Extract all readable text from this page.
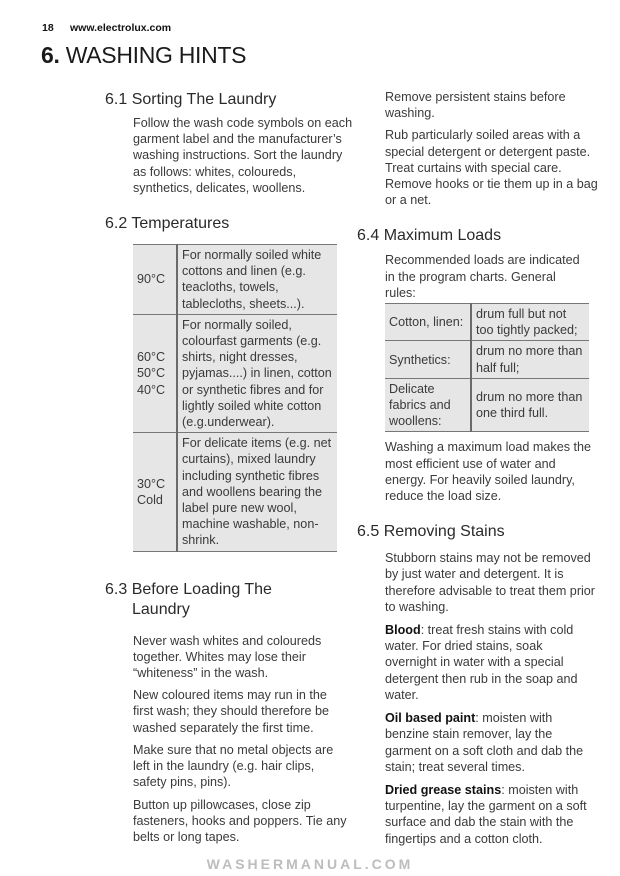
18 www.electrolux.com
6. WASHING HINTS
6.1 Sorting The Laundry

Follow the wash code symbols on each garment label and the manufacturer’s washing instructions. Sort the laundry as follows: whites, coloureds, synthetics, delicates, woollens.

6.2 Temperatures
90°C	For normally soiled white cottons and linen (e.g. teacloths, towels, tablecloths, sheets...).

60°C 50°C 40°C	For normally soiled, colourfast garments (e.g. shirts, night dresses, pyjamas....) in linen, cotton or synthetic fibres and for lightly soiled white cotton (e.g.underwear).

30°C Cold	For delicate items (e.g. net curtains), mixed laundry including synthetic fibres and woollens bearing the label pure new wool, machine washable, non-shrink.
6.3 Before Loading The
Laundry

Never wash whites and coloureds together. Whites may lose their “whiteness” in the wash.

New coloured items may run in the first wash; they should therefore be washed separately the first time.

Make sure that no metal objects are left in the laundry (e.g. hair clips, safety pins, pins).

Button up pillowcases, close zip fasteners, hooks and poppers. Tie any belts or long tapes.

Remove persistent stains before washing.

Rub particularly soiled areas with a special detergent or detergent paste. Treat curtains with special care. Remove hooks or tie them up in a bag or a net.

6.4 Maximum Loads

Recommended loads are indicated in the program charts. General rules:

Cotton, linen:	drum full but not too tightly packed;
Synthetics:	drum no more than half full;
Delicate fabrics and woollens:	drum no more than one third full.

Washing a maximum load makes the most efficient use of water and energy. For heavily soiled laundry, reduce the load size.

6.5 Removing Stains

Stubborn stains may not be removed by just water and detergent. It is therefore advisable to treat them prior to washing.

Blood: treat fresh stains with cold water. For dried stains, soak overnight in water with a special detergent then rub in the soap and water.

Oil based paint: moisten with benzine stain remover, lay the garment on a soft cloth and dab the stain; treat several times.

Dried grease stains: moisten with turpentine, lay the garment on a soft surface and dab the stain with the fingertips and a cotton cloth.

WASHERMANUAL.COM
